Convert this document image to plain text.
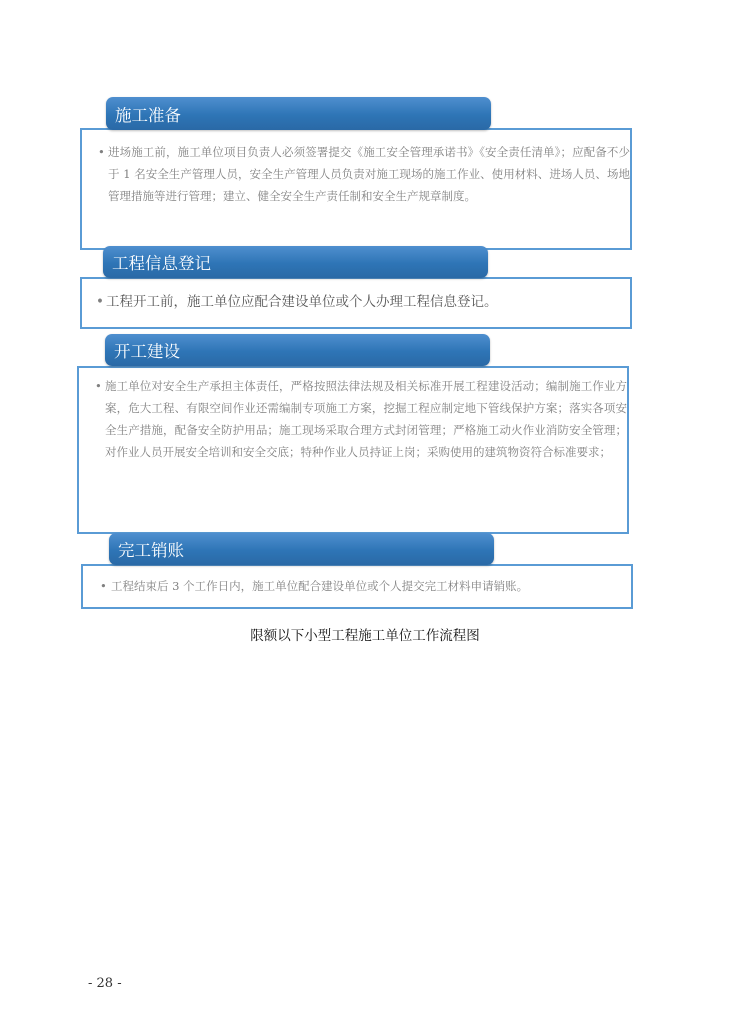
施工准备
• 进场施工前，施工单位项目负责人必须签署提交《施工安全管理承诺书》《安全责任清单》；应配备不少于 1 名安全生产管理人员，安全生产管理人员负责对施工现场的施工作业、使用材料、进场人员、场地管理措施等进行管理；建立、健全安全生产责任制和安全生产规章制度。
工程信息登记
• 工程开工前，施工单位应配合建设单位或个人办理工程信息登记。
开工建设
• 施工单位对安全生产承担主体责任，严格按照法律法规及相关标准开展工程建设活动；编制施工作业方案，危大工程、有限空间作业还需编制专项施工方案，挖掘工程应制定地下管线保护方案；落实各项安全生产措施，配备安全防护用品；施工现场采取合理方式封闭管理；严格施工动火作业消防安全管理；对作业人员开展安全培训和安全交底；特种作业人员持证上岗；采购使用的建筑物资符合标准要求；
完工销账
• 工程结束后 3 个工作日内，施工单位配合建设单位或个人提交完工材料申请销账。
限额以下小型工程施工单位工作流程图
- 28 -
